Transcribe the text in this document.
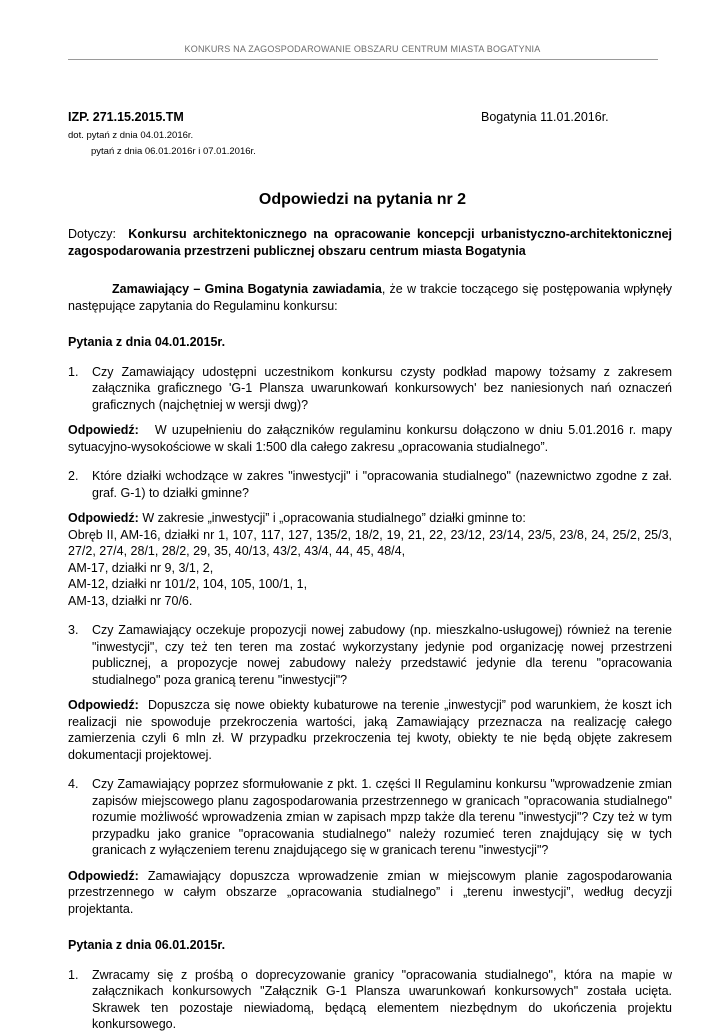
KONKURS NA ZAGOSPODAROWANIE OBSZARU CENTRUM MIASTA BOGATYNIA
IZP. 271.15.2015.TM	Bogatynia 11.01.2016r.
dot. pytań z dnia 04.01.2016r.
pytań z dnia 06.01.2016r i 07.01.2016r.
Odpowiedzi na pytania nr 2

Dotyczy: Konkursu architektonicznego na opracowanie koncepcji urbanistyczno-architektonicznej zagospodarowania przestrzeni publicznej obszaru centrum miasta Bogatynia

Zamawiający – Gmina Bogatynia zawiadamia, że w trakcie toczącego się postępowania wpłynęły następujące zapytania do Regulaminu konkursu:

Pytania z dnia 04.01.2015r.

1. Czy Zamawiający udostępni uczestnikom konkursu czysty podkład mapowy tożsamy z zakresem załącznika graficznego 'G-1 Plansza uwarunkowań konkursowych' bez naniesionych nań oznaczeń graficznych (najchętniej w wersji dwg)?

Odpowiedź: W uzupełnieniu do załączników regulaminu konkursu dołączono w dniu 5.01.2016 r. mapy sytuacyjno-wysokościowe w skali 1:500 dla całego zakresu „opracowania studialnego”.

2. Które działki wchodzące w zakres "inwestycji" i "opracowania studialnego" (nazewnictwo zgodne z zał. graf. G-1) to działki gminne?

Odpowiedź: W zakresie „inwestycji” i „opracowania studialnego” działki gminne to:

Obręb II, AM-16, działki nr 1, 107, 117, 127, 135/2, 18/2, 19, 21, 22, 23/12, 23/14, 23/5, 23/8, 24, 25/2, 25/3, 27/2, 27/4, 28/1, 28/2, 29, 35, 40/13, 43/2, 43/4, 44, 45, 48/4,

AM-17, działki nr 9, 3/1, 2,

AM-12, działki nr 101/2, 104, 105, 100/1, 1,

AM-13, działki nr 70/6.

3. Czy Zamawiający oczekuje propozycji nowej zabudowy (np. mieszkalno-usługowej) również na terenie "inwestycji", czy też ten teren ma zostać wykorzystany jedynie pod organizację nowej przestrzeni publicznej, a propozycje nowej zabudowy należy przedstawić jedynie dla terenu "opracowania studialnego" poza granicą terenu "inwestycji"?

Odpowiedź: Dopuszcza się nowe obiekty kubaturowe na terenie „inwestycji” pod warunkiem, że koszt ich realizacji nie spowoduje przekroczenia wartości, jaką Zamawiający przeznacza na realizację całego zamierzenia czyli 6 mln zł. W przypadku przekroczenia tej kwoty, obiekty te nie będą objęte zakresem dokumentacji projektowej.

4. Czy Zamawiający poprzez sformułowanie z pkt. 1. części II Regulaminu konkursu "wprowadzenie zmian zapisów miejscowego planu zagospodarowania przestrzennego w granicach "opracowania studialnego" rozumie możliwość wprowadzenia zmian w zapisach mpzp także dla terenu "inwestycji"? Czy też w tym przypadku jako granice "opracowania studialnego" należy rozumieć teren znajdujący się w tych granicach z wyłączeniem terenu znajdującego się w granicach terenu "inwestycji"?

Odpowiedź: Zamawiający dopuszcza wprowadzenie zmian w miejscowym planie zagospodarowania przestrzennego w całym obszarze „opracowania studialnego” i „terenu inwestycji”, według decyzji projektanta.

Pytania z dnia 06.01.2015r.

1. Zwracamy się z prośbą o doprecyzowanie granicy "opracowania studialnego", która na mapie w załącznikach konkursowych "Załącznik G-1 Plansza uwarunkowań konkursowych" została ucięta. Skrawek ten pozostaje niewiadomą, będącą elementem niezbędnym do ukończenia projektu konkursowego.
